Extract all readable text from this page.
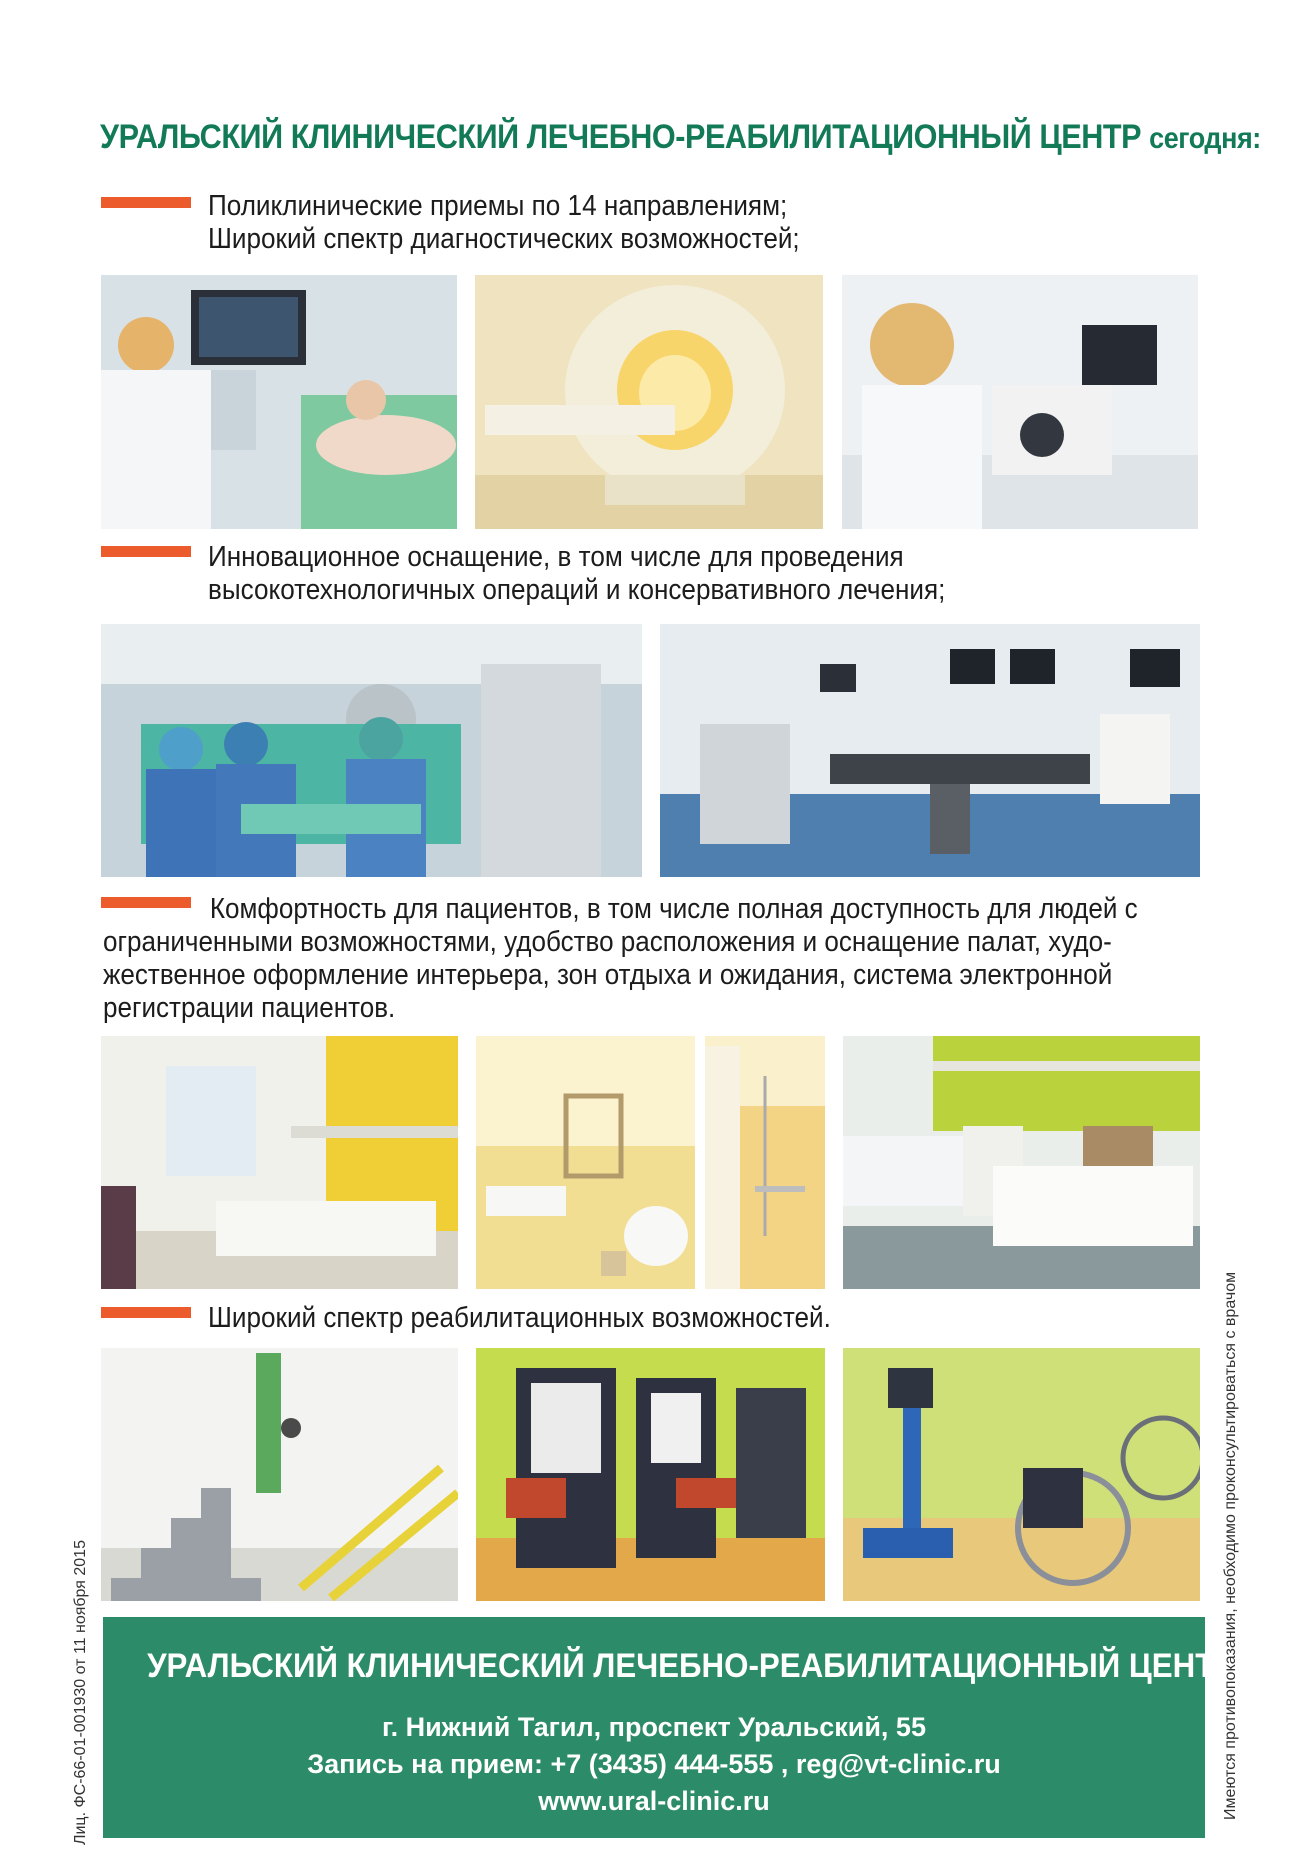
УРАЛЬСКИЙ КЛИНИЧЕСКИЙ ЛЕЧЕБНО-РЕАБИЛИТАЦИОННЫЙ ЦЕНТР сегодня:
Поликлинические приемы по 14 направлениям;
Широкий спектр диагностических возможностей;
Инновационное оснащение, в том числе для проведения
высокотехнологичных операций и консервативного лечения;
Комфортность для пациентов, в том числе полная доступность для людей с
ограниченными возможностями, удобство расположения и оснащение палат, худо-
жественное оформление интерьера, зон отдыха и ожидания, система электронной
регистрации пациентов.
Широкий спектр реабилитационных возможностей.
УРАЛЬСКИЙ КЛИНИЧЕСКИЙ ЛЕЧЕБНО-РЕАБИЛИТАЦИОННЫЙ ЦЕНТР
г. Нижний Тагил, проспект Уральский, 55
Запись на прием: +7 (3435) 444-555 , reg@vt-clinic.ru
www.ural-clinic.ru
Лиц. ФС-66-01-001930 от 11 ноября 2015	Имеются противопоказания, необходимо проконсультироваться с врачом
